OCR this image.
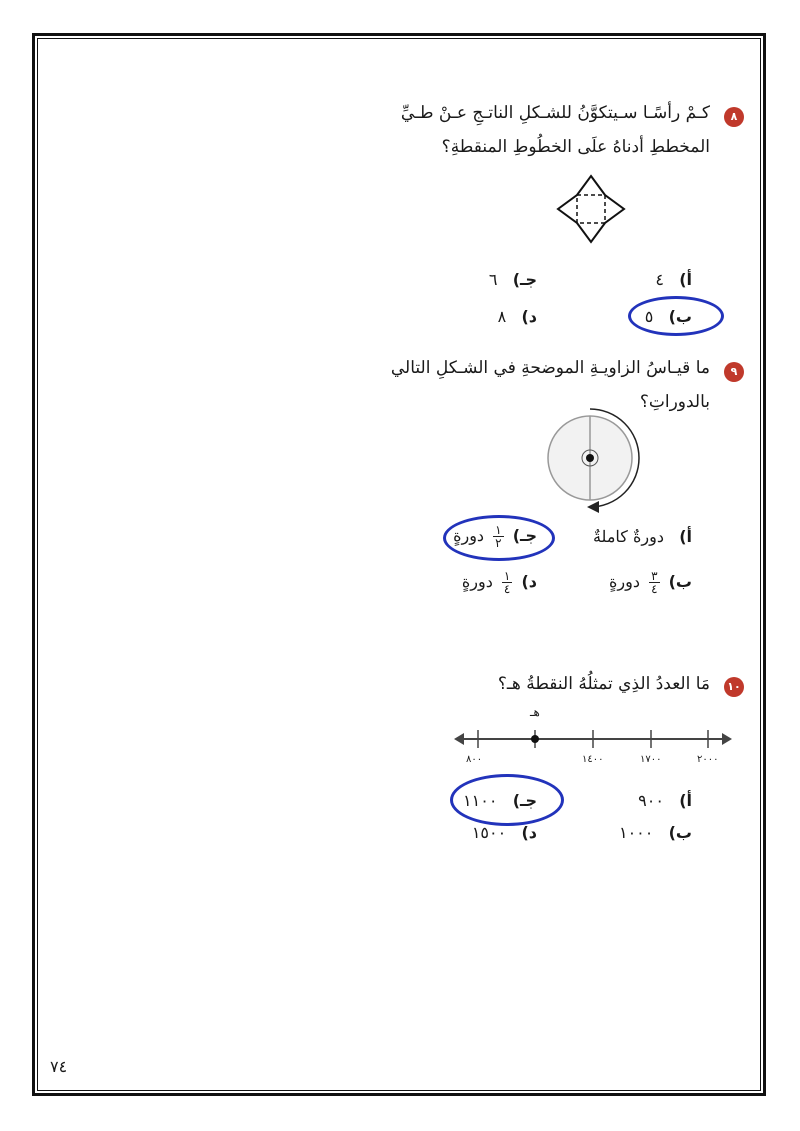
٨
كـمْ رأسًـا سـيتكوَّنُ للشـكلِ الناتـجِ عـنْ طـيِّ
المخططِ أدناهُ علَى الخطُوطِ المنقطةِ؟
أ)   ٤
جـ)   ٦
ب)   ٥
د)   ٨
٩
ما قيـاسُ الزاويـةِ الموضحةِ في الشـكلِ التالي
بالدوراتِ؟
أ)   دورةٌ كاملةٌ
جـ)
$\frac{١}{٢}$
دورةٍ
ب)
$\frac{٣}{٤}$
دورةٍ
د)
$\frac{١}{٤}$
دورةٍ
١٠
مَا العددُ الذِي تمثلُهُ النقطةُ هـ؟
هـ
٨٠٠	١٤٠٠	١٧٠٠	٢٠٠٠
أ)   ٩٠٠
جـ)   ١١٠٠
ب)   ١٠٠٠
د)   ١٥٠٠
٧٤
